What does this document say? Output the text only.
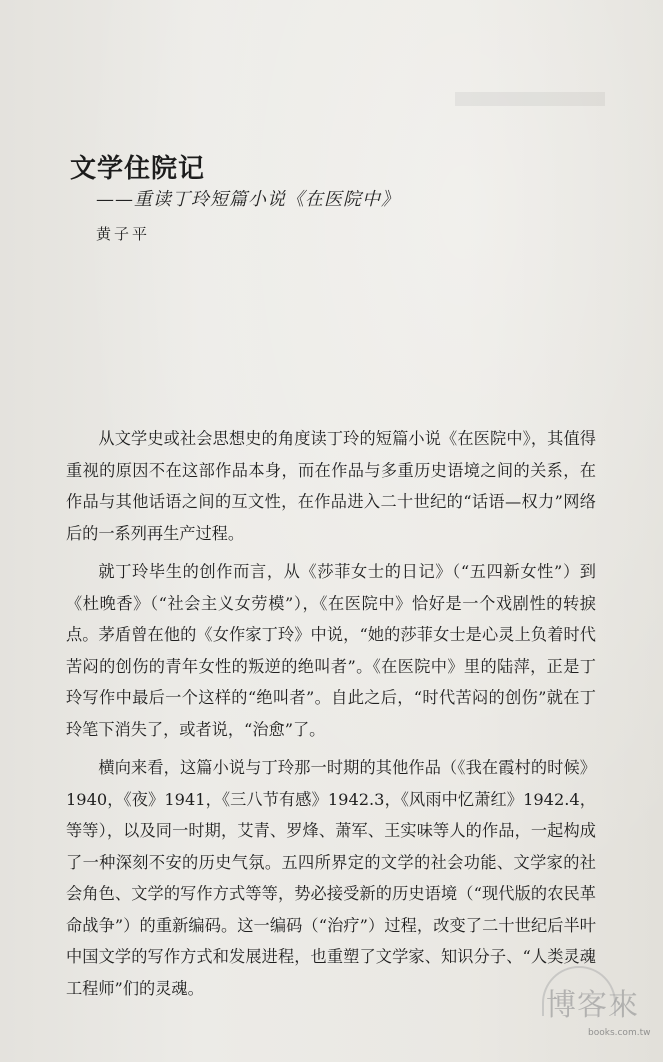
文学住院记
——重读丁玲短篇小说《在医院中》
黄子平

从文学史或社会思想史的角度读丁玲的短篇小说《在医院中》，其值得重视的原因不在这部作品本身，而在作品与多重历史语境之间的关系，在作品与其他话语之间的互文性，在作品进入二十世纪的“话语—权力”网络后的一系列再生产过程。

就丁玲毕生的创作而言，从《莎菲女士的日记》（“五四新女性”）到《杜晚香》（“社会主义女劳模”），《在医院中》恰好是一个戏剧性的转捩点。茅盾曾在他的《女作家丁玲》中说，“她的莎菲女士是心灵上负着时代苦闷的创伤的青年女性的叛逆的绝叫者”。《在医院中》里的陆萍，正是丁玲写作中最后一个这样的“绝叫者”。自此之后，“时代苦闷的创伤”就在丁玲笔下消失了，或者说，“治愈”了。

横向来看，这篇小说与丁玲那一时期的其他作品（《我在霞村的时候》1940，《夜》1941，《三八节有感》1942.3，《风雨中忆萧红》1942.4，等等），以及同一时期，艾青、罗烽、萧军、王实味等人的作品，一起构成了一种深刻不安的历史气氛。五四所界定的文学的社会功能、文学家的社会角色、文学的写作方式等等，势必接受新的历史语境（“现代版的农民革命战争”）的重新编码。这一编码（“治疗”）过程，改变了二十世纪后半叶中国文学的写作方式和发展进程，也重塑了文学家、知识分子、“人类灵魂工程师”们的灵魂。	博客來
books.com.tw
